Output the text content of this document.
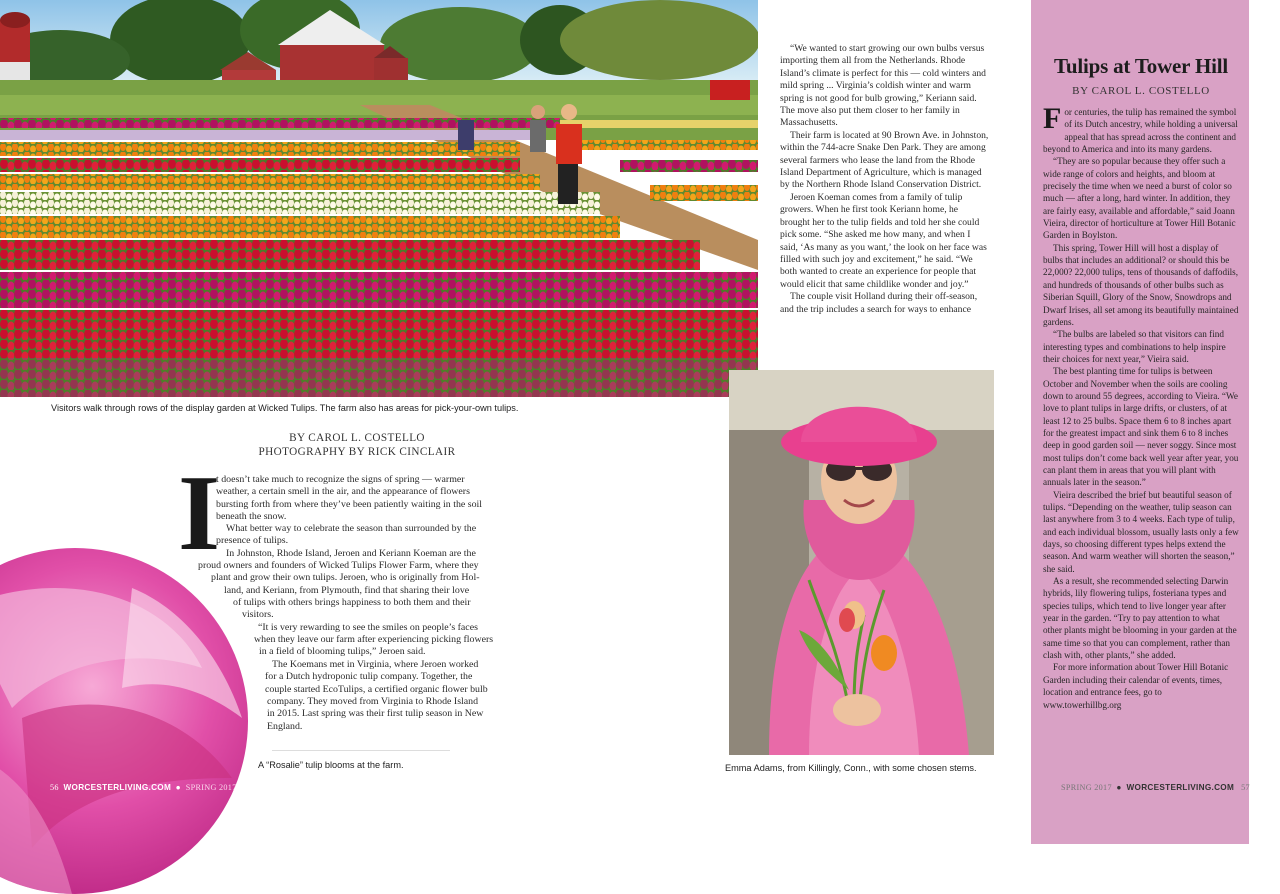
“We wanted to start growing our own bulbs versus importing them all from the Netherlands. Rhode Island’s climate is perfect for this — cold winters and mild spring ... Virginia’s coldish winter and warm spring is not good for bulb growing,” Keriann said. The move also put them closer to her family in Massachusetts.

Their farm is located at 90 Brown Ave. in Johnston, within the 744-acre Snake Den Park. They are among several farmers who lease the land from the Rhode Island Department of Agriculture, which is managed by the Northern Rhode Island Conservation District.

Jeroen Koeman comes from a family of tulip growers. When he first took Keriann home, he brought her to the tulip fields and told her she could pick some. “She asked me how many, and when I said, ‘As many as you want,’ the look on her face was filled with such joy and excitement,” he said. “We both wanted to create an experience for people that would elicit that same childlike wonder and joy.”

The couple visit Holland during their off-season, and the trip includes a search for ways to enhance

Visitors walk through rows of the display garden at Wicked Tulips. The farm also has areas for pick-your-own tulips.
BY CAROL L. COSTELLO
PHOTOGRAPHY BY RICK CINCLAIR
I
t doesn’t take much to recognize the signs of spring — warmer
weather, a certain smell in the air, and the appearance of flowers
bursting forth from where they’ve been patiently waiting in the soil
beneath the snow.
What better way to celebrate the season than surrounded by the
presence of tulips.
In Johnston, Rhode Island, Jeroen and Keriann Koeman are the
proud owners and founders of Wicked Tulips Flower Farm, where they
plant and grow their own tulips. Jeroen, who is originally from Hol-
land, and Keriann, from Plymouth, find that sharing their love
of tulips with others brings happiness to both them and their
visitors.
“It is very rewarding to see the smiles on people’s faces
when they leave our farm after experiencing picking flowers
in a field of blooming tulips,” Jeroen said.
The Koemans met in Virginia, where Jeroen worked
for a Dutch hydroponic tulip company. Together, the
couple started EcoTulips, a certified organic flower bulb
company. They moved from Virginia to Rhode Island
in 2015. Last spring was their first tulip season in New
England.
A “Rosalie” tulip blooms at the farm.
56 WORCESTERLIVING.COM ● SPRING 2017
Emma Adams, from Killingly, Conn., with some chosen stems.
Tulips at Tower Hill
BY CAROL L. COSTELLO

For centuries, the tulip has remained the symbol of its Dutch ancestry, while holding a universal appeal that has spread across the continent and beyond to America and into its many gardens.

“They are so popular because they offer such a wide range of colors and heights, and bloom at precisely the time when we need a burst of color so much — after a long, hard winter. In addition, they are fairly easy, available and affordable,” said Joann Vieira, director of horticulture at Tower Hill Botanic Garden in Boylston.

This spring, Tower Hill will host a display of bulbs that includes an additional? or should this be 22,000? 22,000 tulips, tens of thousands of daffodils, and hundreds of thousands of other bulbs such as Siberian Squill, Glory of the Snow, Snowdrops and Dwarf Irises, all set among its beautifully maintained gardens.

“The bulbs are labeled so that visitors can find interesting types and combinations to help inspire their choices for next year,” Vieira said.

The best planting time for tulips is between October and November when the soils are cooling down to around 55 degrees, according to Vieira. “We love to plant tulips in large drifts, or clusters, of at least 12 to 25 bulbs. Space them 6 to 8 inches apart for the greatest impact and sink them 6 to 8 inches deep in good garden soil — never soggy. Since most most tulips don’t come back well year after year, you can plant them in areas that you will plant with annuals later in the season.”

Vieira described the brief but beautiful season of tulips. “Depending on the weather, tulip season can last anywhere from 3 to 4 weeks. Each type of tulip, and each individual blossom, usually lasts only a few days, so choosing different types helps extend the season. And warm weather will shorten the season,” she said.

As a result, she recommended selecting Darwin hybrids, lily flowering tulips, fosteriana types and species tulips, which tend to live longer year after year in the garden. “Try to pay attention to what other plants might be blooming in your garden at the same time so that you can complement, rather than clash with, other plants,” she added.

For more information about Tower Hill Botanic Garden including their calendar of events, times, location and entrance fees, go to www.towerhillbg.org

SPRING 2017 ● WORCESTERLIVING.COM 57
